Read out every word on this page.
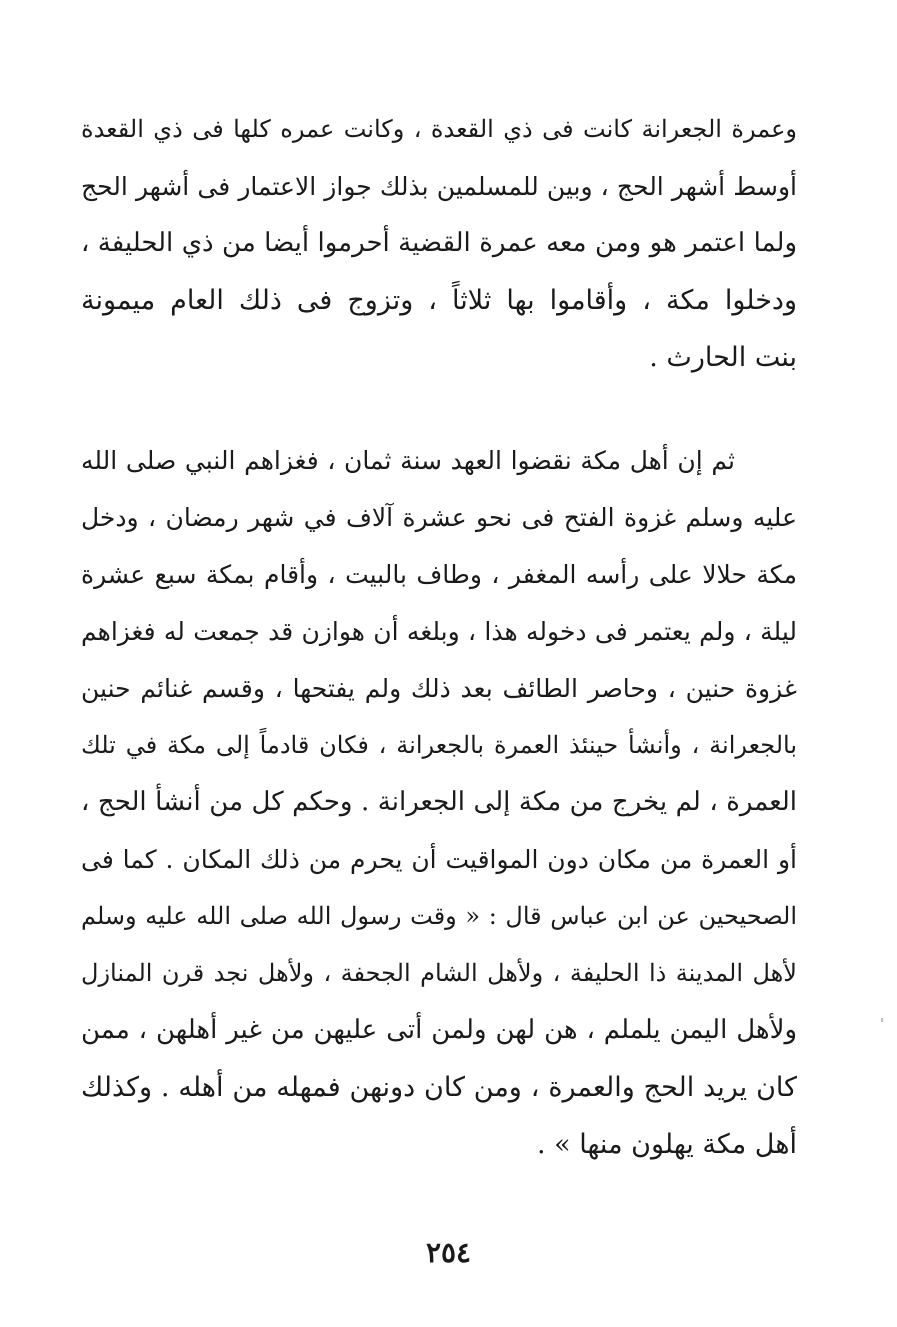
وعمرة الجعرانة كانت فى ذي القعدة ، وكانت عمره كلها فى ذي القعدة
أوسط أشهر الحج ، وبين للمسلمين بذلك جواز الاعتمار فى أشهر الحج
ولما اعتمر هو ومن معه عمرة القضية أحرموا أيضا من ذي الحليفة ،
ودخلوا مكة ، وأقاموا بها ثلاثاً ، وتزوج فى ذلك العام ميمونة
بنت الحارث .
ثم إن أهل مكة نقضوا العهد سنة ثمان ، فغزاهم النبي صلى الله
عليه وسلم غزوة الفتح فى نحو عشرة آلاف في شهر رمضان ، ودخل
مكة حلالا على رأسه المغفر ، وطاف بالبيت ، وأقام بمكة سبع عشرة
ليلة ، ولم يعتمر فى دخوله هذا ، وبلغه أن هوازن قد جمعت له فغزاهم
غزوة حنين ، وحاصر الطائف بعد ذلك ولم يفتحها ، وقسم غنائم حنين
بالجعرانة ، وأنشأ حينئذ العمرة بالجعرانة ، فكان قادماً إلى مكة في تلك
العمرة ، لم يخرج من مكة إلى الجعرانة . وحكم كل من أنشأ الحج ،
أو العمرة من مكان دون المواقيت أن يحرم من ذلك المكان . كما فى
الصحيحين عن ابن عباس قال : « وقت رسول الله صلى الله عليه وسلم
لأهل المدينة ذا الحليفة ، ولأهل الشام الجحفة ، ولأهل نجد قرن المنازل
ولأهل اليمن يلملم ، هن لهن ولمن أتى عليهن من غير أهلهن ، ممن
كان يريد الحج والعمرة ، ومن كان دونهن فمهله من أهله . وكذلك
أهل مكة يهلون منها » .
٢٥٤
